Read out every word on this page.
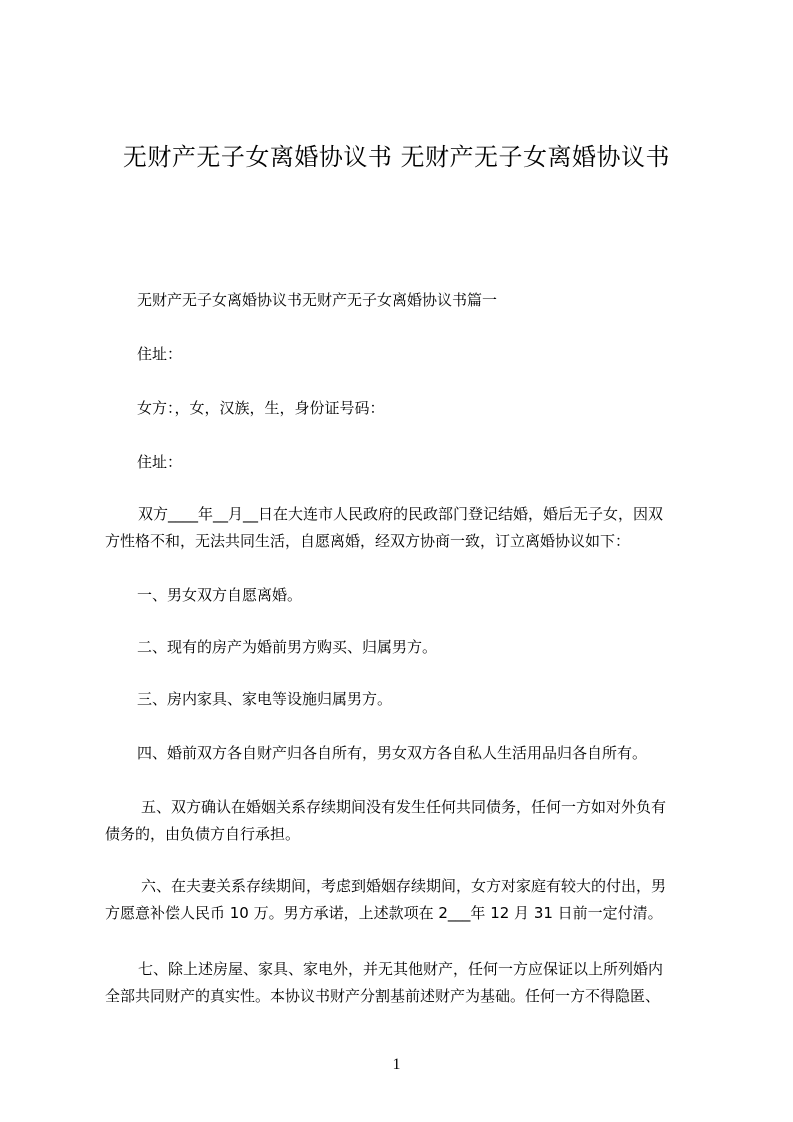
无财产无子女离婚协议书 无财产无子女离婚协议书
无财产无子女离婚协议书无财产无子女离婚协议书篇一
住址：
女方：，女，汉族，生，身份证号码：
住址：
双方____年__月__日在大连市人民政府的民政部门登记结婚，婚后无子女，因双
方性格不和，无法共同生活，自愿离婚，经双方协商一致，订立离婚协议如下：
一、男女双方自愿离婚。
二、现有的房产为婚前男方购买、归属男方。
三、房内家具、家电等设施归属男方。
四、婚前双方各自财产归各自所有，男女双方各自私人生活用品归各自所有。
五、双方确认在婚姻关系存续期间没有发生任何共同债务，任何一方如对外负有
债务的，由负债方自行承担。
六、在夫妻关系存续期间，考虑到婚姻存续期间，女方对家庭有较大的付出，男
方愿意补偿人民币 10 万。男方承诺，上述款项在 2___年 12 月 31 日前一定付清。
七、除上述房屋、家具、家电外，并无其他财产，任何一方应保证以上所列婚内
全部共同财产的真实性。本协议书财产分割基前述财产为基础。任何一方不得隐匿、
1
